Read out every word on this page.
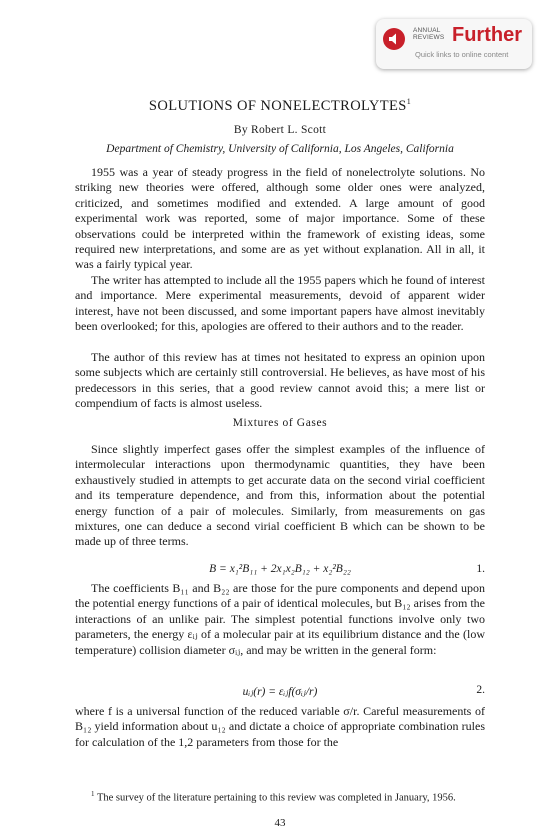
ANNUAL
REVIEWS Further
Quick links to online content
SOLUTIONS OF NONELECTROLYTES$^1$
By Robert L. Scott
Department of Chemistry, University of California, Los Angeles, California

1955 was a year of steady progress in the field of nonelectrolyte solutions. No striking new theories were offered, although some older ones were analyzed, criticized, and sometimes modified and extended. A large amount of good experimental work was reported, some of major importance. Some of these observations could be interpreted within the framework of existing ideas, some required new interpretations, and some are as yet without explanation. All in all, it was a fairly typical year.

The writer has attempted to include all the 1955 papers which he found of interest and importance. Mere experimental measurements, devoid of apparent wider interest, have not been discussed, and some important papers have almost inevitably been overlooked; for this, apologies are offered to their authors and to the reader.

The author of this review has at times not hesitated to express an opinion upon some subjects which are certainly still controversial. He believes, as have most of his predecessors in this series, that a good review cannot avoid this; a mere list or compendium of facts is almost useless.

Mixtures of Gases

Since slightly imperfect gases offer the simplest examples of the influence of intermolecular interactions upon thermodynamic quantities, they have been exhaustively studied in attempts to get accurate data on the second virial coefficient and its temperature dependence, and from this, information about the potential energy function of a pair of molecules. Similarly, from measurements on gas mixtures, one can deduce a second virial coefficient B which can be shown to be made up of three terms.

B = x₁²B₁₁ + 2x₁x₂B₁₂ + x₂²B₂₂	1.

The coefficients B₁₁ and B₂₂ are those for the pure components and depend upon the potential energy functions of a pair of identical molecules, but B₁₂ arises from the interactions of an unlike pair. The simplest potential functions involve only two parameters, the energy εᵢⱼ of a molecular pair at its equilibrium distance and the (low temperature) collision diameter σᵢⱼ, and may be written in the general form:

uᵢⱼ(r) = εᵢⱼf(σᵢⱼ/r)	2.

where f is a universal function of the reduced variable σ/r. Careful measurements of B₁₂ yield information about u₁₂ and dictate a choice of appropriate combination rules for calculation of the 1,2 parameters from those for the

$^1$ The survey of the literature pertaining to this review was completed in January, 1956.

43
